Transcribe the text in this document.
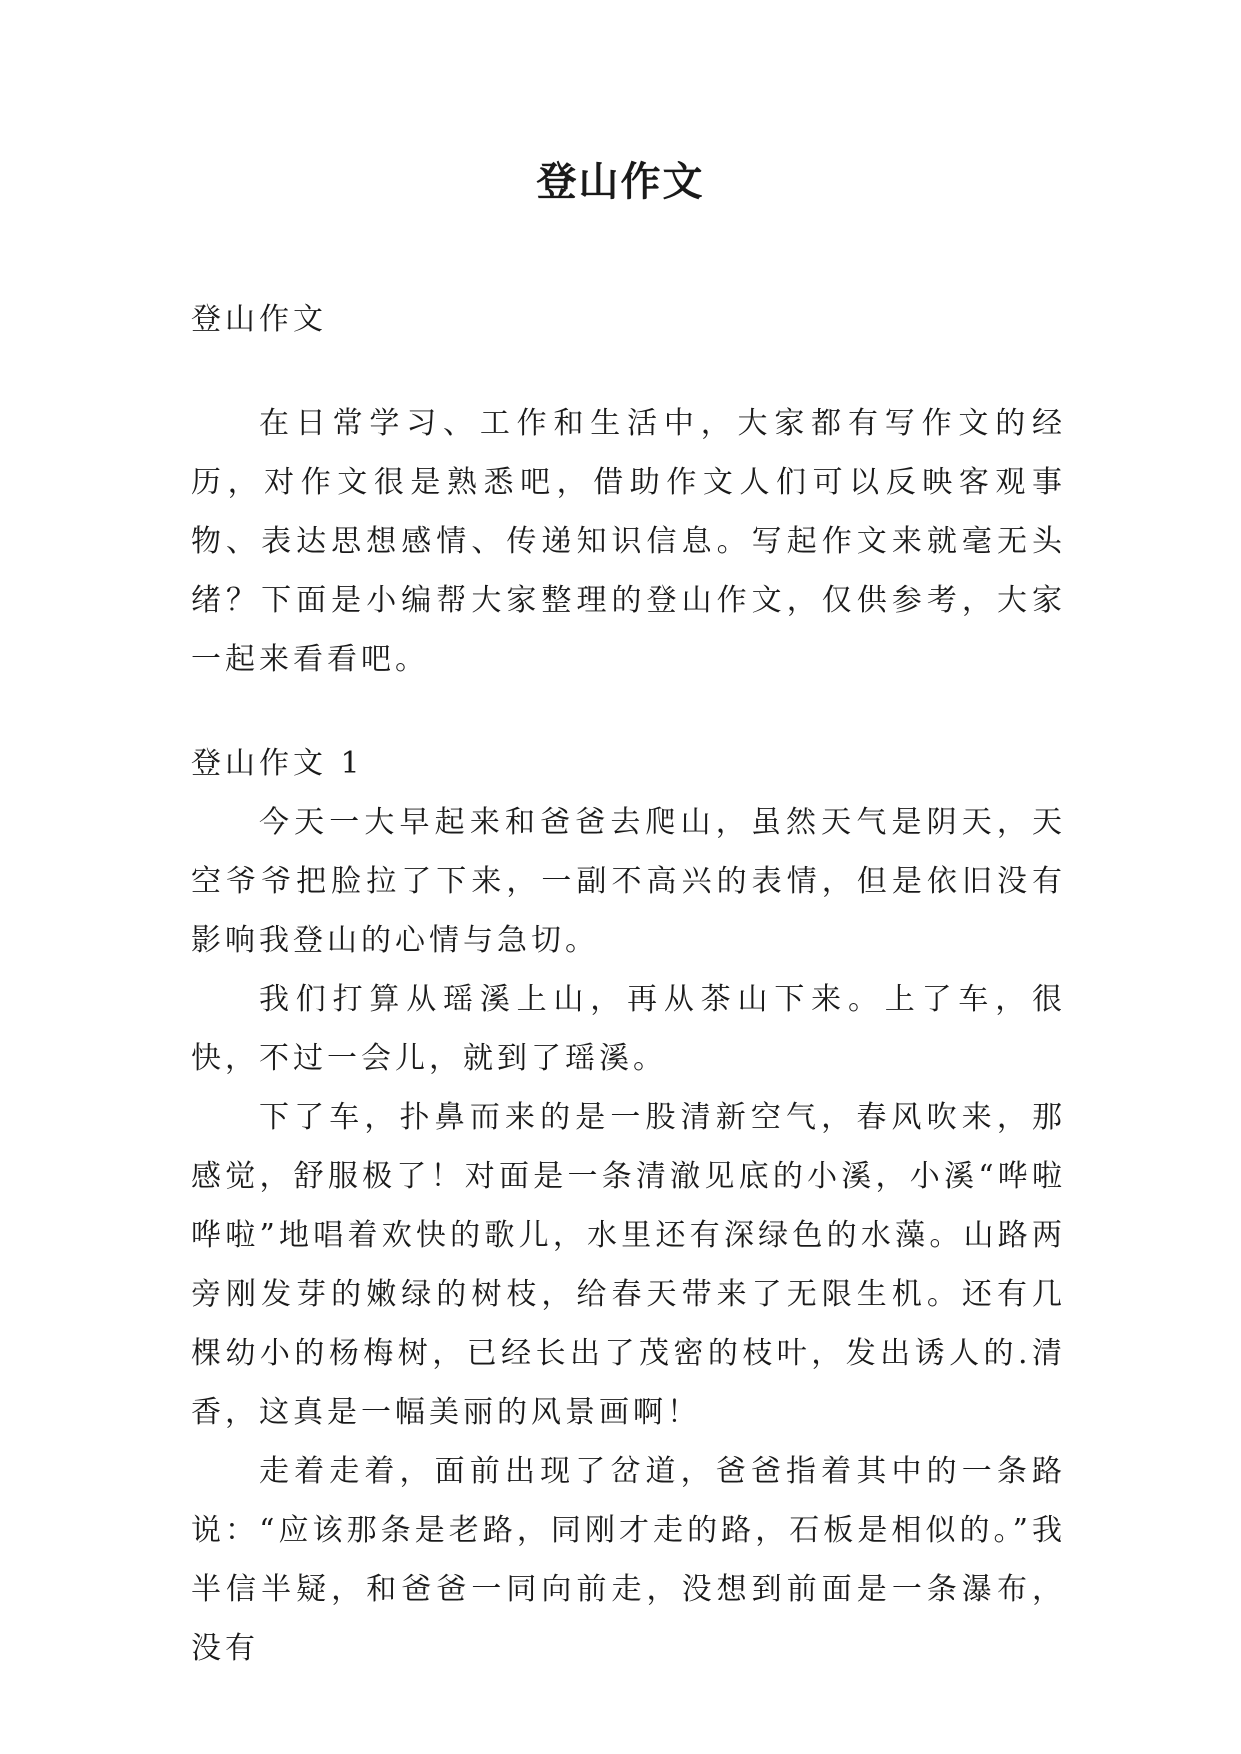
登山作文

登山作文

在日常学习、工作和生活中，大家都有写作文的经历，对作文很是熟悉吧，借助作文人们可以反映客观事物、表达思想感情、传递知识信息。写起作文来就毫无头绪？下面是小编帮大家整理的登山作文，仅供参考，大家一起来看看吧。

登山作文 1

今天一大早起来和爸爸去爬山，虽然天气是阴天，天空爷爷把脸拉了下来，一副不高兴的表情，但是依旧没有影响我登山的心情与急切。

我们打算从瑶溪上山，再从茶山下来。上了车，很快，不过一会儿，就到了瑶溪。

下了车，扑鼻而来的是一股清新空气，春风吹来，那感觉，舒服极了！对面是一条清澈见底的小溪，小溪“哗啦哗啦”地唱着欢快的歌儿，水里还有深绿色的水藻。山路两旁刚发芽的嫩绿的树枝，给春天带来了无限生机。还有几棵幼小的杨梅树，已经长出了茂密的枝叶，发出诱人的.清香，这真是一幅美丽的风景画啊！

走着走着，面前出现了岔道，爸爸指着其中的一条路说：“应该那条是老路，同刚才走的路，石板是相似的。”我半信半疑，和爸爸一同向前走，没想到前面是一条瀑布，没有
